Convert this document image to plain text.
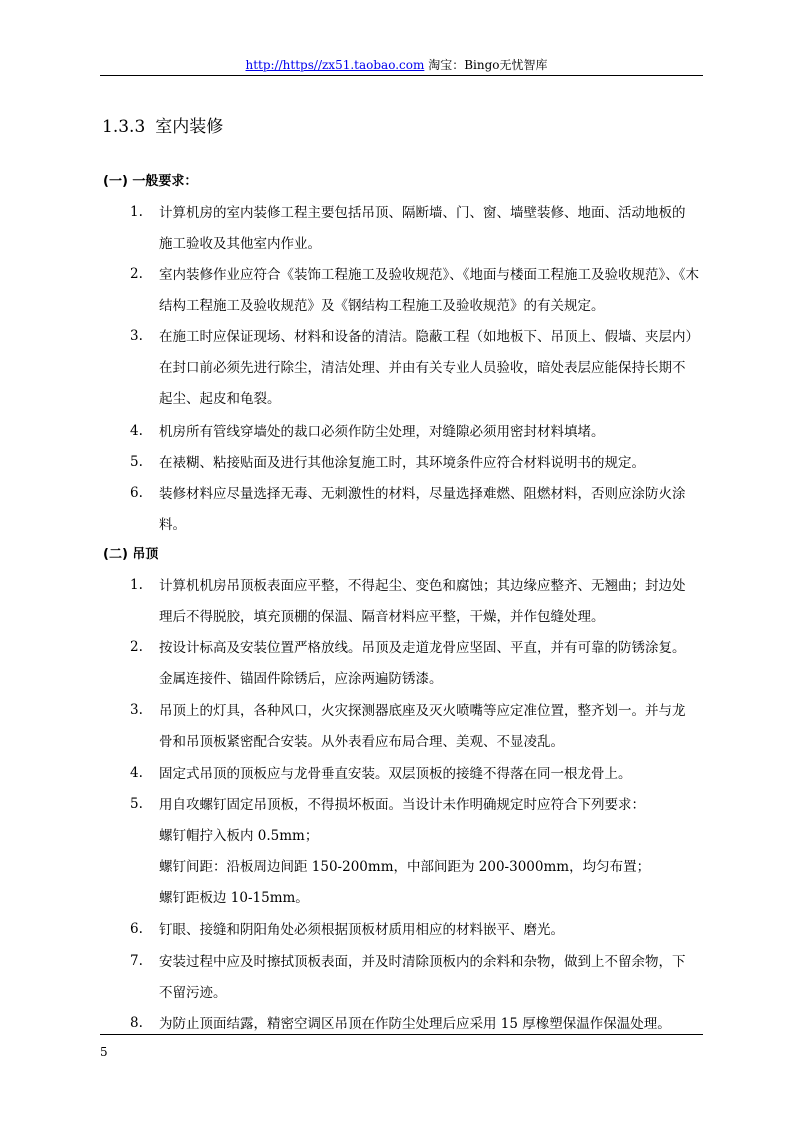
http://https//zx51.taobao.com 淘宝：Bingo无忧智库
1.3.3 室内装修
(一) 一般要求：
1.	计算机房的室内装修工程主要包括吊顶、隔断墙、门、窗、墙壁装修、地面、活动地板的
施工验收及其他室内作业。
2.	室内装修作业应符合《装饰工程施工及验收规范》、《地面与楼面工程施工及验收规范》、《木
结构工程施工及验收规范》及《钢结构工程施工及验收规范》的有关规定。
3.	在施工时应保证现场、材料和设备的清洁。隐蔽工程（如地板下、吊顶上、假墙、夹层内）
在封口前必须先进行除尘，清洁处理、并由有关专业人员验收，暗处表层应能保持长期不
起尘、起皮和龟裂。
4.	机房所有管线穿墙处的裁口必须作防尘处理，对缝隙必须用密封材料填堵。
5.	在裱糊、粘接贴面及进行其他涂复施工时，其环境条件应符合材料说明书的规定。
6.	装修材料应尽量选择无毒、无刺激性的材料，尽量选择难燃、阻燃材料，否则应涂防火涂
料。
(二) 吊顶
1.	计算机机房吊顶板表面应平整，不得起尘、变色和腐蚀；其边缘应整齐、无翘曲；封边处
理后不得脱胶，填充顶棚的保温、隔音材料应平整，干燥，并作包缝处理。
2.	按设计标高及安装位置严格放线。吊顶及走道龙骨应坚固、平直，并有可靠的防锈涂复。
金属连接件、锚固件除锈后，应涂两遍防锈漆。
3.	吊顶上的灯具，各种风口，火灾探测器底座及灭火喷嘴等应定准位置，整齐划一。并与龙
骨和吊顶板紧密配合安装。从外表看应布局合理、美观、不显凌乱。
4.	固定式吊顶的顶板应与龙骨垂直安装。双层顶板的接缝不得落在同一根龙骨上。
5.	用自攻螺钉固定吊顶板，不得损坏板面。当设计未作明确规定时应符合下列要求：
螺钉帽拧入板内 0.5mm；
螺钉间距：沿板周边间距 150-200mm，中部间距为 200-3000mm，均匀布置；
螺钉距板边 10-15mm。
6.	钉眼、接缝和阴阳角处必须根据顶板材质用相应的材料嵌平、磨光。
7.	安装过程中应及时擦拭顶板表面，并及时清除顶板内的余料和杂物，做到上不留余物，下
不留污迹。
8.	为防止顶面结露，精密空调区吊顶在作防尘处理后应采用 15 厚橡塑保温作保温处理。
5
